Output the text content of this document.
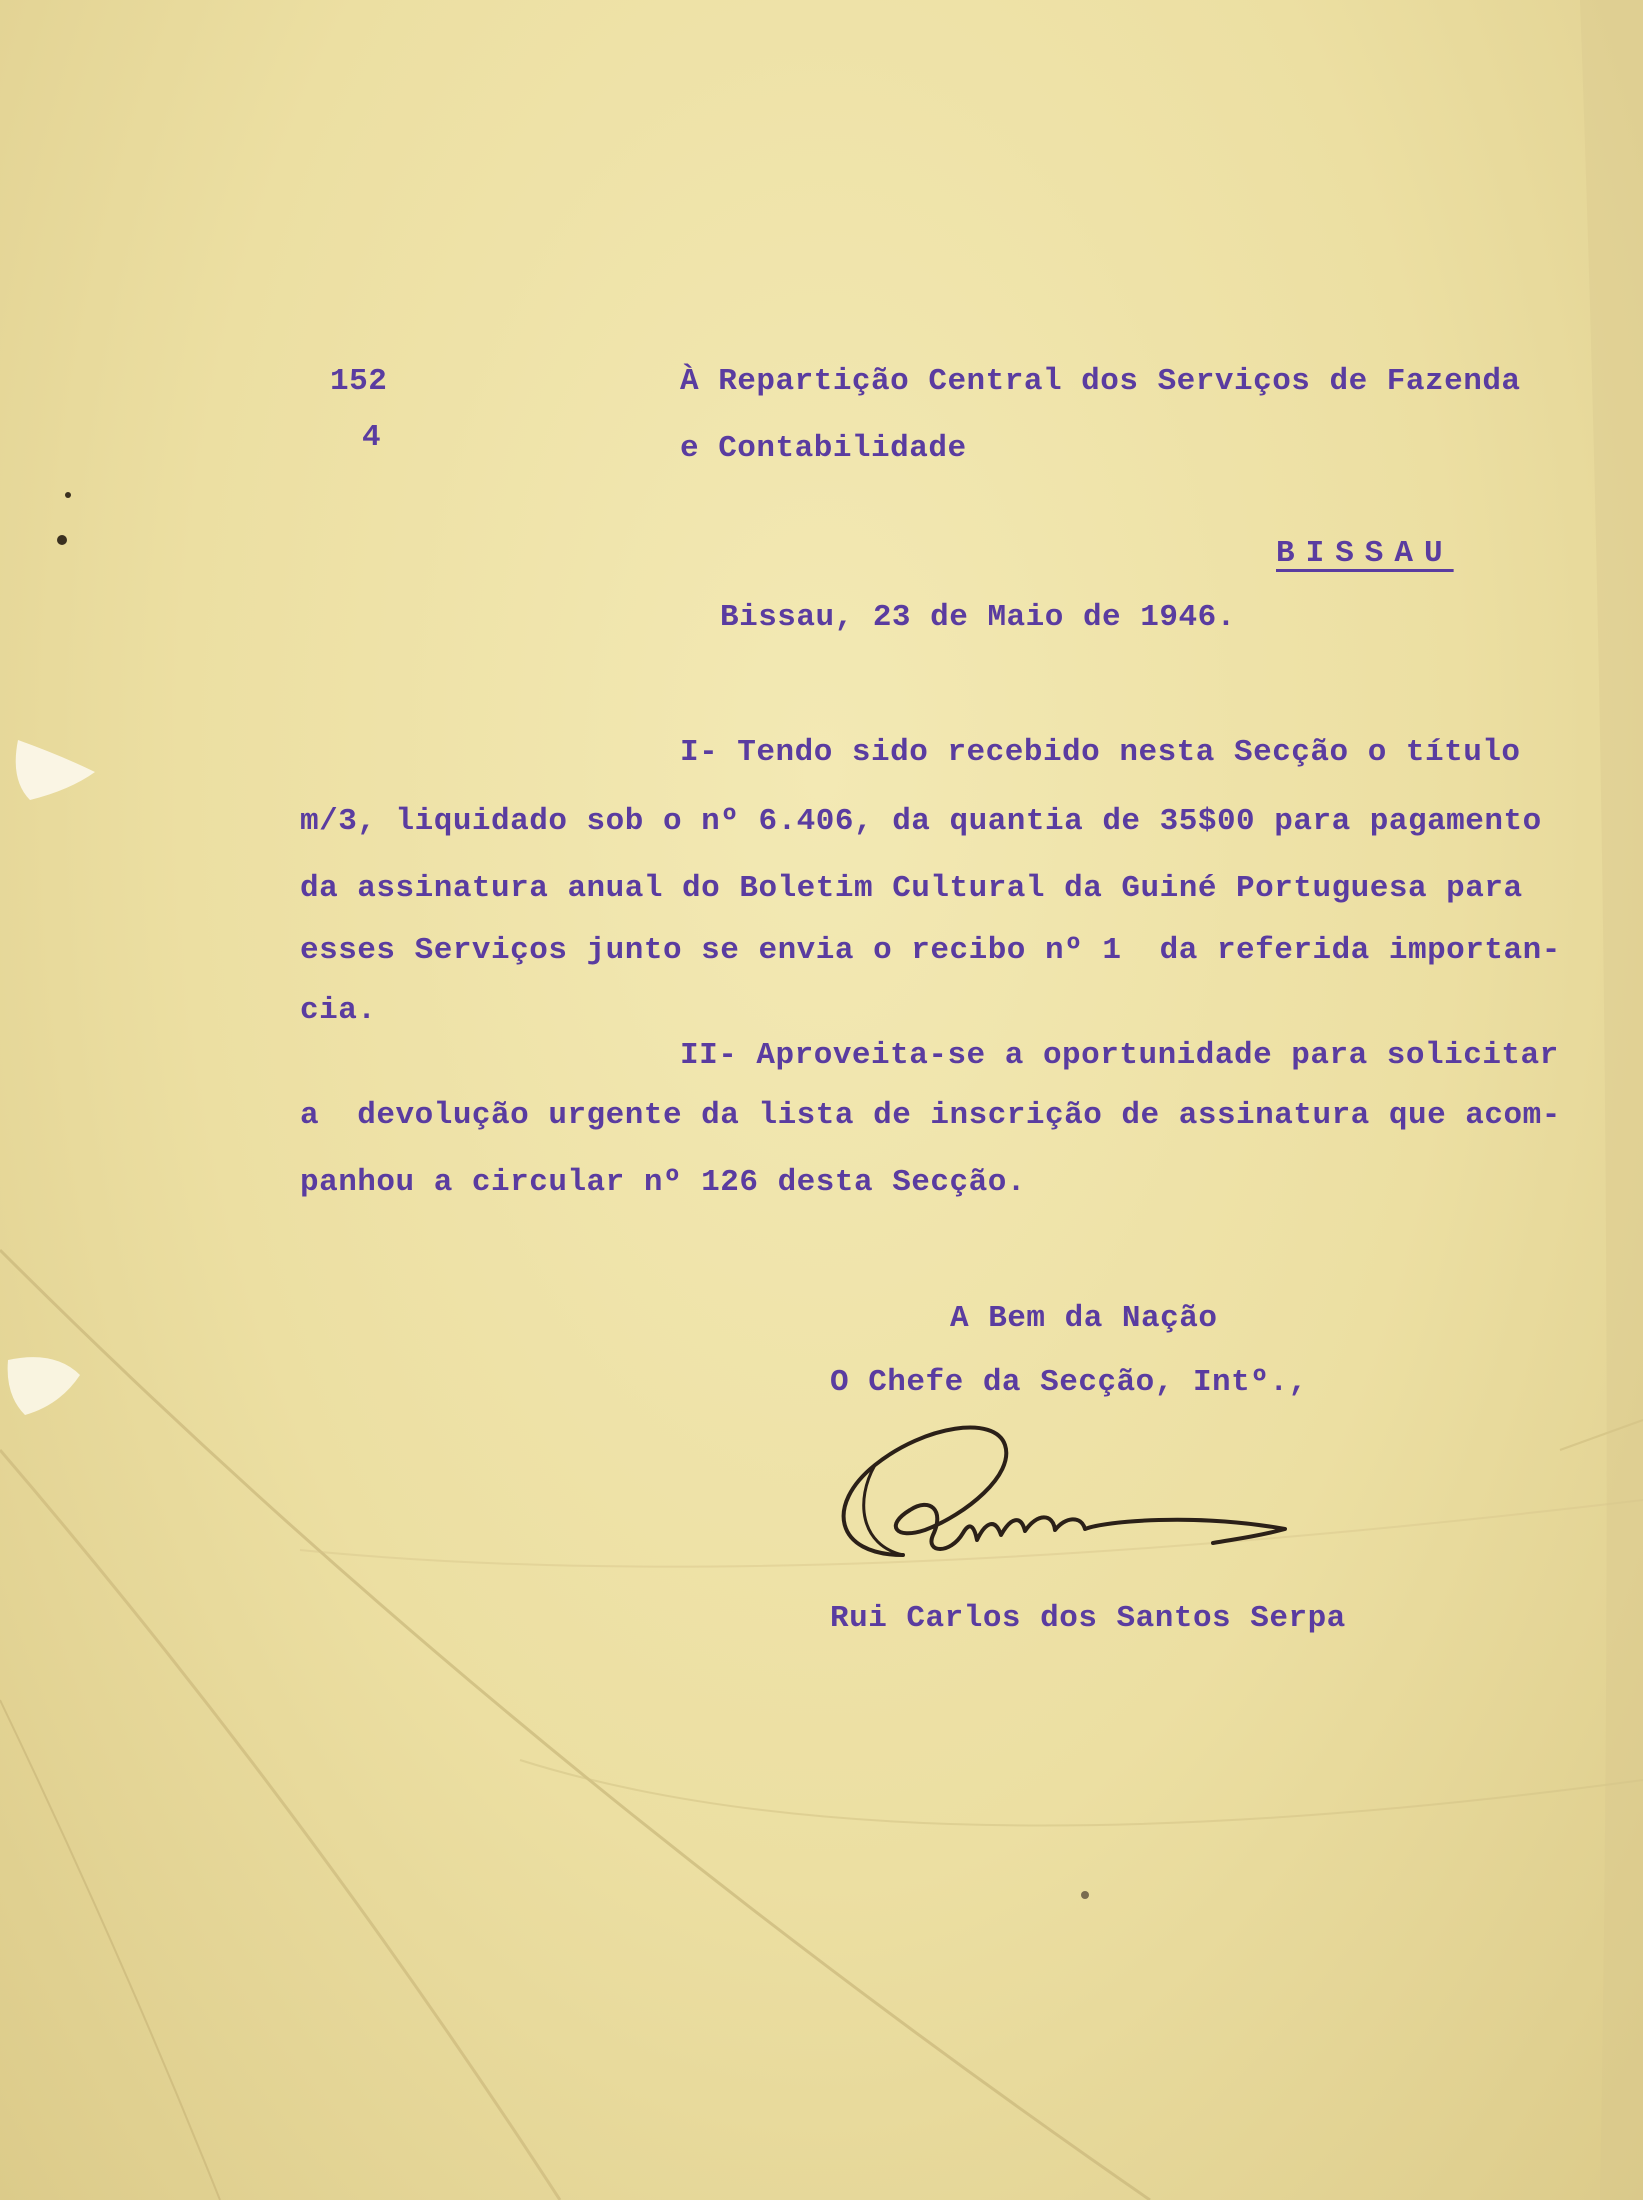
152

4

À Repartição Central dos Serviços de Fazenda

e Contabilidade

BISSAU

Bissau, 23 de Maio de 1946.

I- Tendo sido recebido nesta Secção o título

m/3, liquidado sob o nº 6.406, da quantia de 35$00 para pagamento

da assinatura anual do Boletim Cultural da Guiné Portuguesa para

esses Serviços junto se envia o recibo nº 1  da referida importan-

cia.

II- Aproveita-se a oportunidade para solicitar

a  devolução urgente da lista de inscrição de assinatura que acom-

panhou a circular nº 126 desta Secção.

A Bem da Nação

O Chefe da Secção, Intº.,

Rui Carlos dos Santos Serpa
